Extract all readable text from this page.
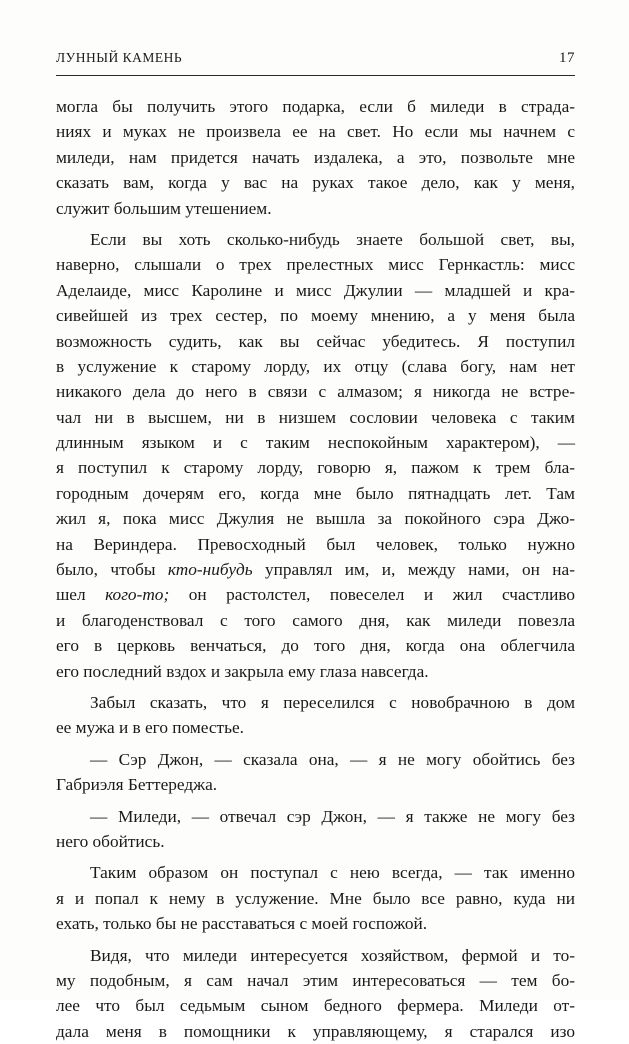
ЛУННЫЙ КАМЕНЬ	17
могла бы получить этого подарка, если б миледи в страда-
ниях и муках не произвела ее на свет. Но если мы начнем с
миледи, нам придется начать издалека, а это, позвольте мне
сказать вам, когда у вас на руках такое дело, как у меня,
служит большим утешением.
Если вы хоть сколько-нибудь знаете большой свет, вы,
наверно, слышали о трех прелестных мисс Гернкастль: мисс
Аделаиде, мисс Каролине и мисс Джулии — младшей и кра-
сивейшей из трех сестер, по моему мнению, а у меня была
возможность судить, как вы сейчас убедитесь. Я поступил
в услужение к старому лорду, их отцу (слава богу, нам нет
никакого дела до него в связи с алмазом; я никогда не встре-
чал ни в высшем, ни в низшем сословии человека с таким
длинным языком и с таким неспокойным характером), —
я поступил к старому лорду, говорю я, пажом к трем бла-
городным дочерям его, когда мне было пятнадцать лет. Там
жил я, пока мисс Джулия не вышла за покойного сэра Джо-
на Вериндера. Превосходный был человек, только нужно
было, чтобы кто-нибудь управлял им, и, между нами, он на-
шел кого-то; он растолстел, повеселел и жил счастливо
и благоденствовал с того самого дня, как миледи повезла
его в церковь венчаться, до того дня, когда она облегчила
его последний вздох и закрыла ему глаза навсегда.
Забыл сказать, что я переселился с новобрачною в дом
ее мужа и в его поместье.
— Сэр Джон, — сказала она, — я не могу обойтись без
Габриэля Беттереджа.
— Миледи, — отвечал сэр Джон, — я также не могу без
него обойтись.
Таким образом он поступал с нею всегда, — так именно
я и попал к нему в услужение. Мне было все равно, куда ни
ехать, только бы не расставаться с моей госпожой.
Видя, что миледи интересуется хозяйством, фермой и то-
му подобным, я сам начал этим интересоваться — тем бо-
лее что был седьмым сыном бедного фермера. Миледи от-
дала меня в помощники к управляющему, я старался изо
